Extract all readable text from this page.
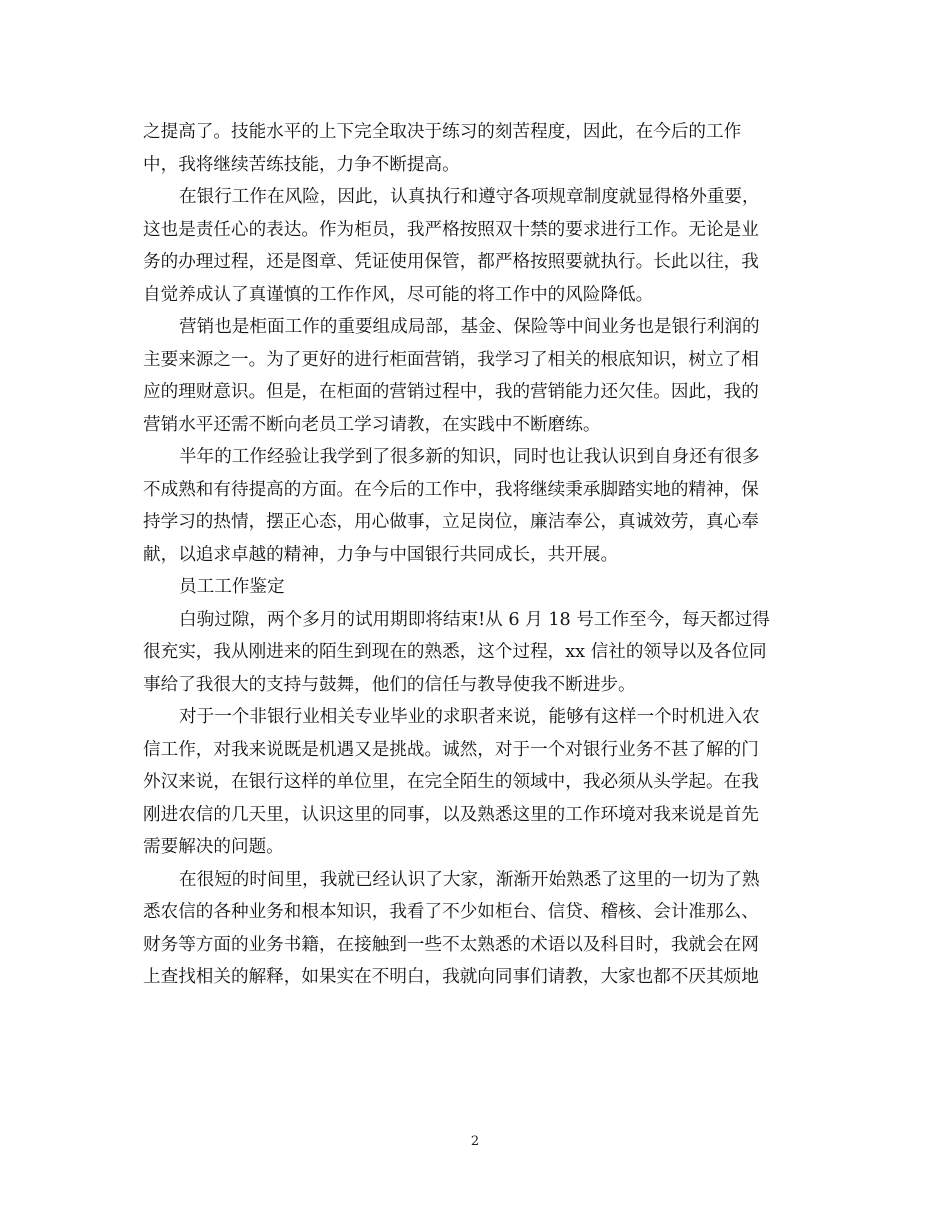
之提高了。技能水平的上下完全取决于练习的刻苦程度，因此，在今后的工作
中，我将继续苦练技能，力争不断提高。
在银行工作在风险，因此，认真执行和遵守各项规章制度就显得格外重要，
这也是责任心的表达。作为柜员，我严格按照双十禁的要求进行工作。无论是业
务的办理过程，还是图章、凭证使用保管，都严格按照要就执行。长此以往，我
自觉养成认了真谨慎的工作作风，尽可能的将工作中的风险降低。
营销也是柜面工作的重要组成局部，基金、保险等中间业务也是银行利润的
主要来源之一。为了更好的进行柜面营销，我学习了相关的根底知识，树立了相
应的理财意识。但是，在柜面的营销过程中，我的营销能力还欠佳。因此，我的
营销水平还需不断向老员工学习请教，在实践中不断磨练。
半年的工作经验让我学到了很多新的知识，同时也让我认识到自身还有很多
不成熟和有待提高的方面。在今后的工作中，我将继续秉承脚踏实地的精神，保
持学习的热情，摆正心态，用心做事，立足岗位，廉洁奉公，真诚效劳，真心奉
献，以追求卓越的精神，力争与中国银行共同成长，共开展。
员工工作鉴定
白驹过隙，两个多月的试用期即将结束!从 6 月 18 号工作至今，每天都过得
很充实，我从刚进来的陌生到现在的熟悉，这个过程，xx 信社的领导以及各位同
事给了我很大的支持与鼓舞，他们的信任与教导使我不断进步。
对于一个非银行业相关专业毕业的求职者来说，能够有这样一个时机进入农
信工作，对我来说既是机遇又是挑战。诚然，对于一个对银行业务不甚了解的门
外汉来说，在银行这样的单位里，在完全陌生的领域中，我必须从头学起。在我
刚进农信的几天里，认识这里的同事，以及熟悉这里的工作环境对我来说是首先
需要解决的问题。
在很短的时间里，我就已经认识了大家，渐渐开始熟悉了这里的一切为了熟
悉农信的各种业务和根本知识，我看了不少如柜台、信贷、稽核、会计准那么、
财务等方面的业务书籍，在接触到一些不太熟悉的术语以及科目时，我就会在网
上查找相关的解释，如果实在不明白，我就向同事们请教，大家也都不厌其烦地
2
